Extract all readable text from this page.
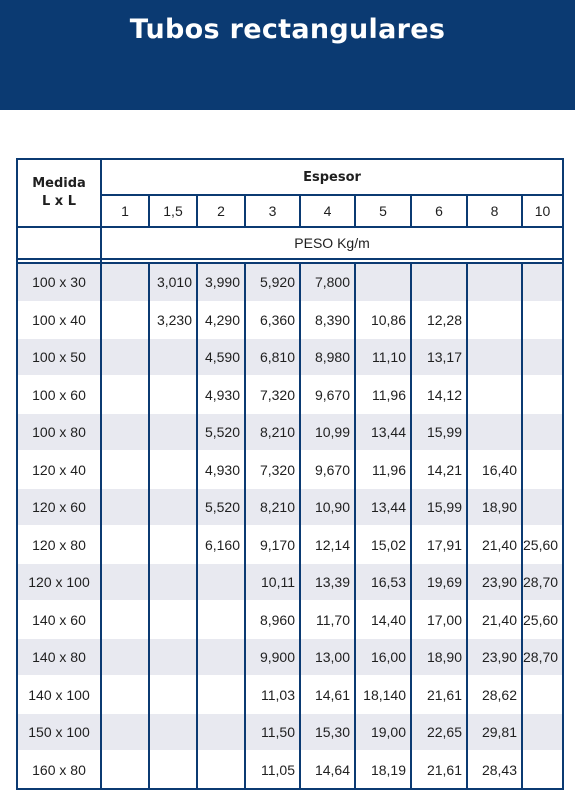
Tubos rectangulares
Medida
L x L	Espesor								
	1	1,5	2	3	4	5	6	8	10
	PESO Kg/m								

100 x 30		3,010	3,990	5,920	7,800				
100 x 40		3,230	4,290	6,360	8,390	10,86	12,28		
100 x 50			4,590	6,810	8,980	11,10	13,17		
100 x 60			4,930	7,320	9,670	11,96	14,12		
100 x 80			5,520	8,210	10,99	13,44	15,99		
120 x 40			4,930	7,320	9,670	11,96	14,21	16,40	
120 x 60			5,520	8,210	10,90	13,44	15,99	18,90	
120 x 80			6,160	9,170	12,14	15,02	17,91	21,40	25,60
120 x 100				10,11	13,39	16,53	19,69	23,90	28,70
140 x 60				8,960	11,70	14,40	17,00	21,40	25,60
140 x 80				9,900	13,00	16,00	18,90	23,90	28,70
140 x 100				11,03	14,61	18,140	21,61	28,62	
150 x 100				11,50	15,30	19,00	22,65	29,81	
160 x 80				11,05	14,64	18,19	21,61	28,43	
